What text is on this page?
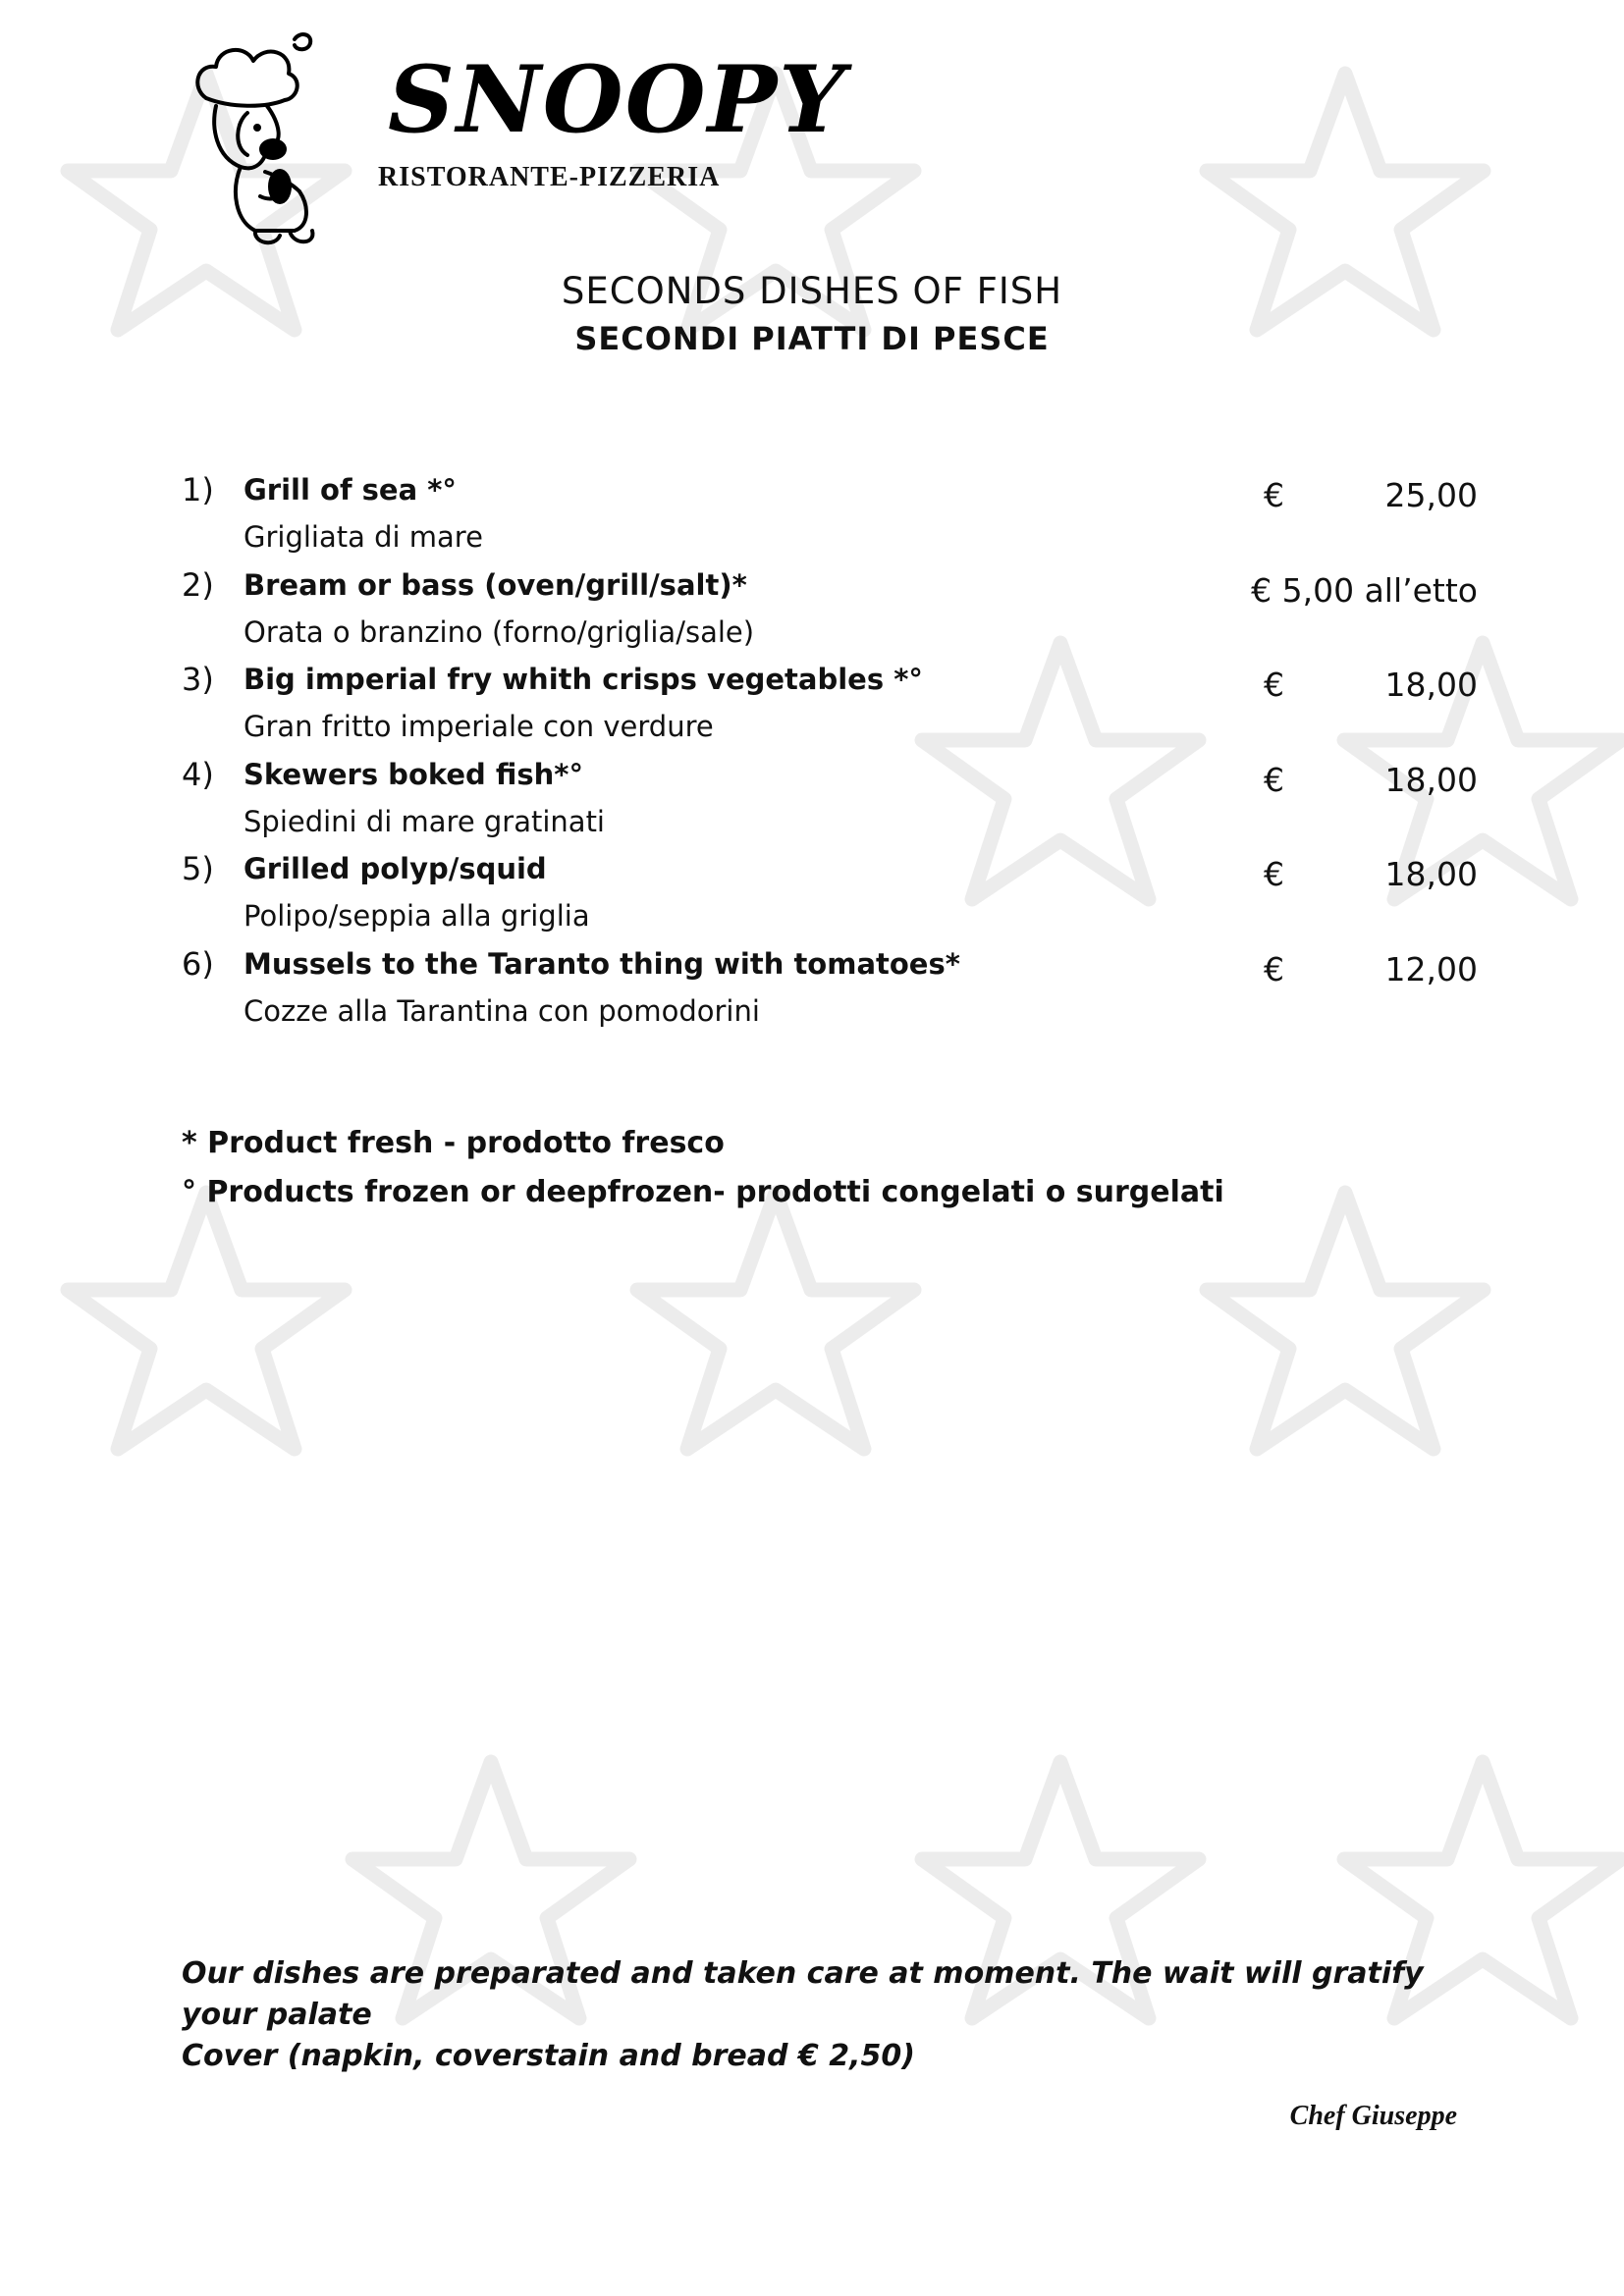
SNOOPY
RISTORANTE-PIZZERIA

SECONDS DISHES OF FISH

SECONDI PIATTI DI PESCE

1) Grill of sea *°
Grigliata di mare
€	25,00
2) Bream or bass (oven/grill/salt)*
Orata o branzino (forno/griglia/sale)
€ 5,00 all’etto
3) Big imperial fry whith crisps vegetables *°
Gran fritto imperiale con verdure
€	18,00
4) Skewers boked fish*°
Spiedini di mare gratinati
€	18,00
5) Grilled polyp/squid
Polipo/seppia alla griglia
€	18,00
6) Mussels to the Taranto thing with tomatoes*
Cozze alla Tarantina con pomodorini
€	12,00
* Product fresh - prodotto fresco
° Products frozen or deepfrozen- prodotti congelati o surgelati

Our dishes are preparated and taken care at moment. The wait will gratify your palate

Cover (napkin, coverstain and bread € 2,50)

Chef Giuseppe
